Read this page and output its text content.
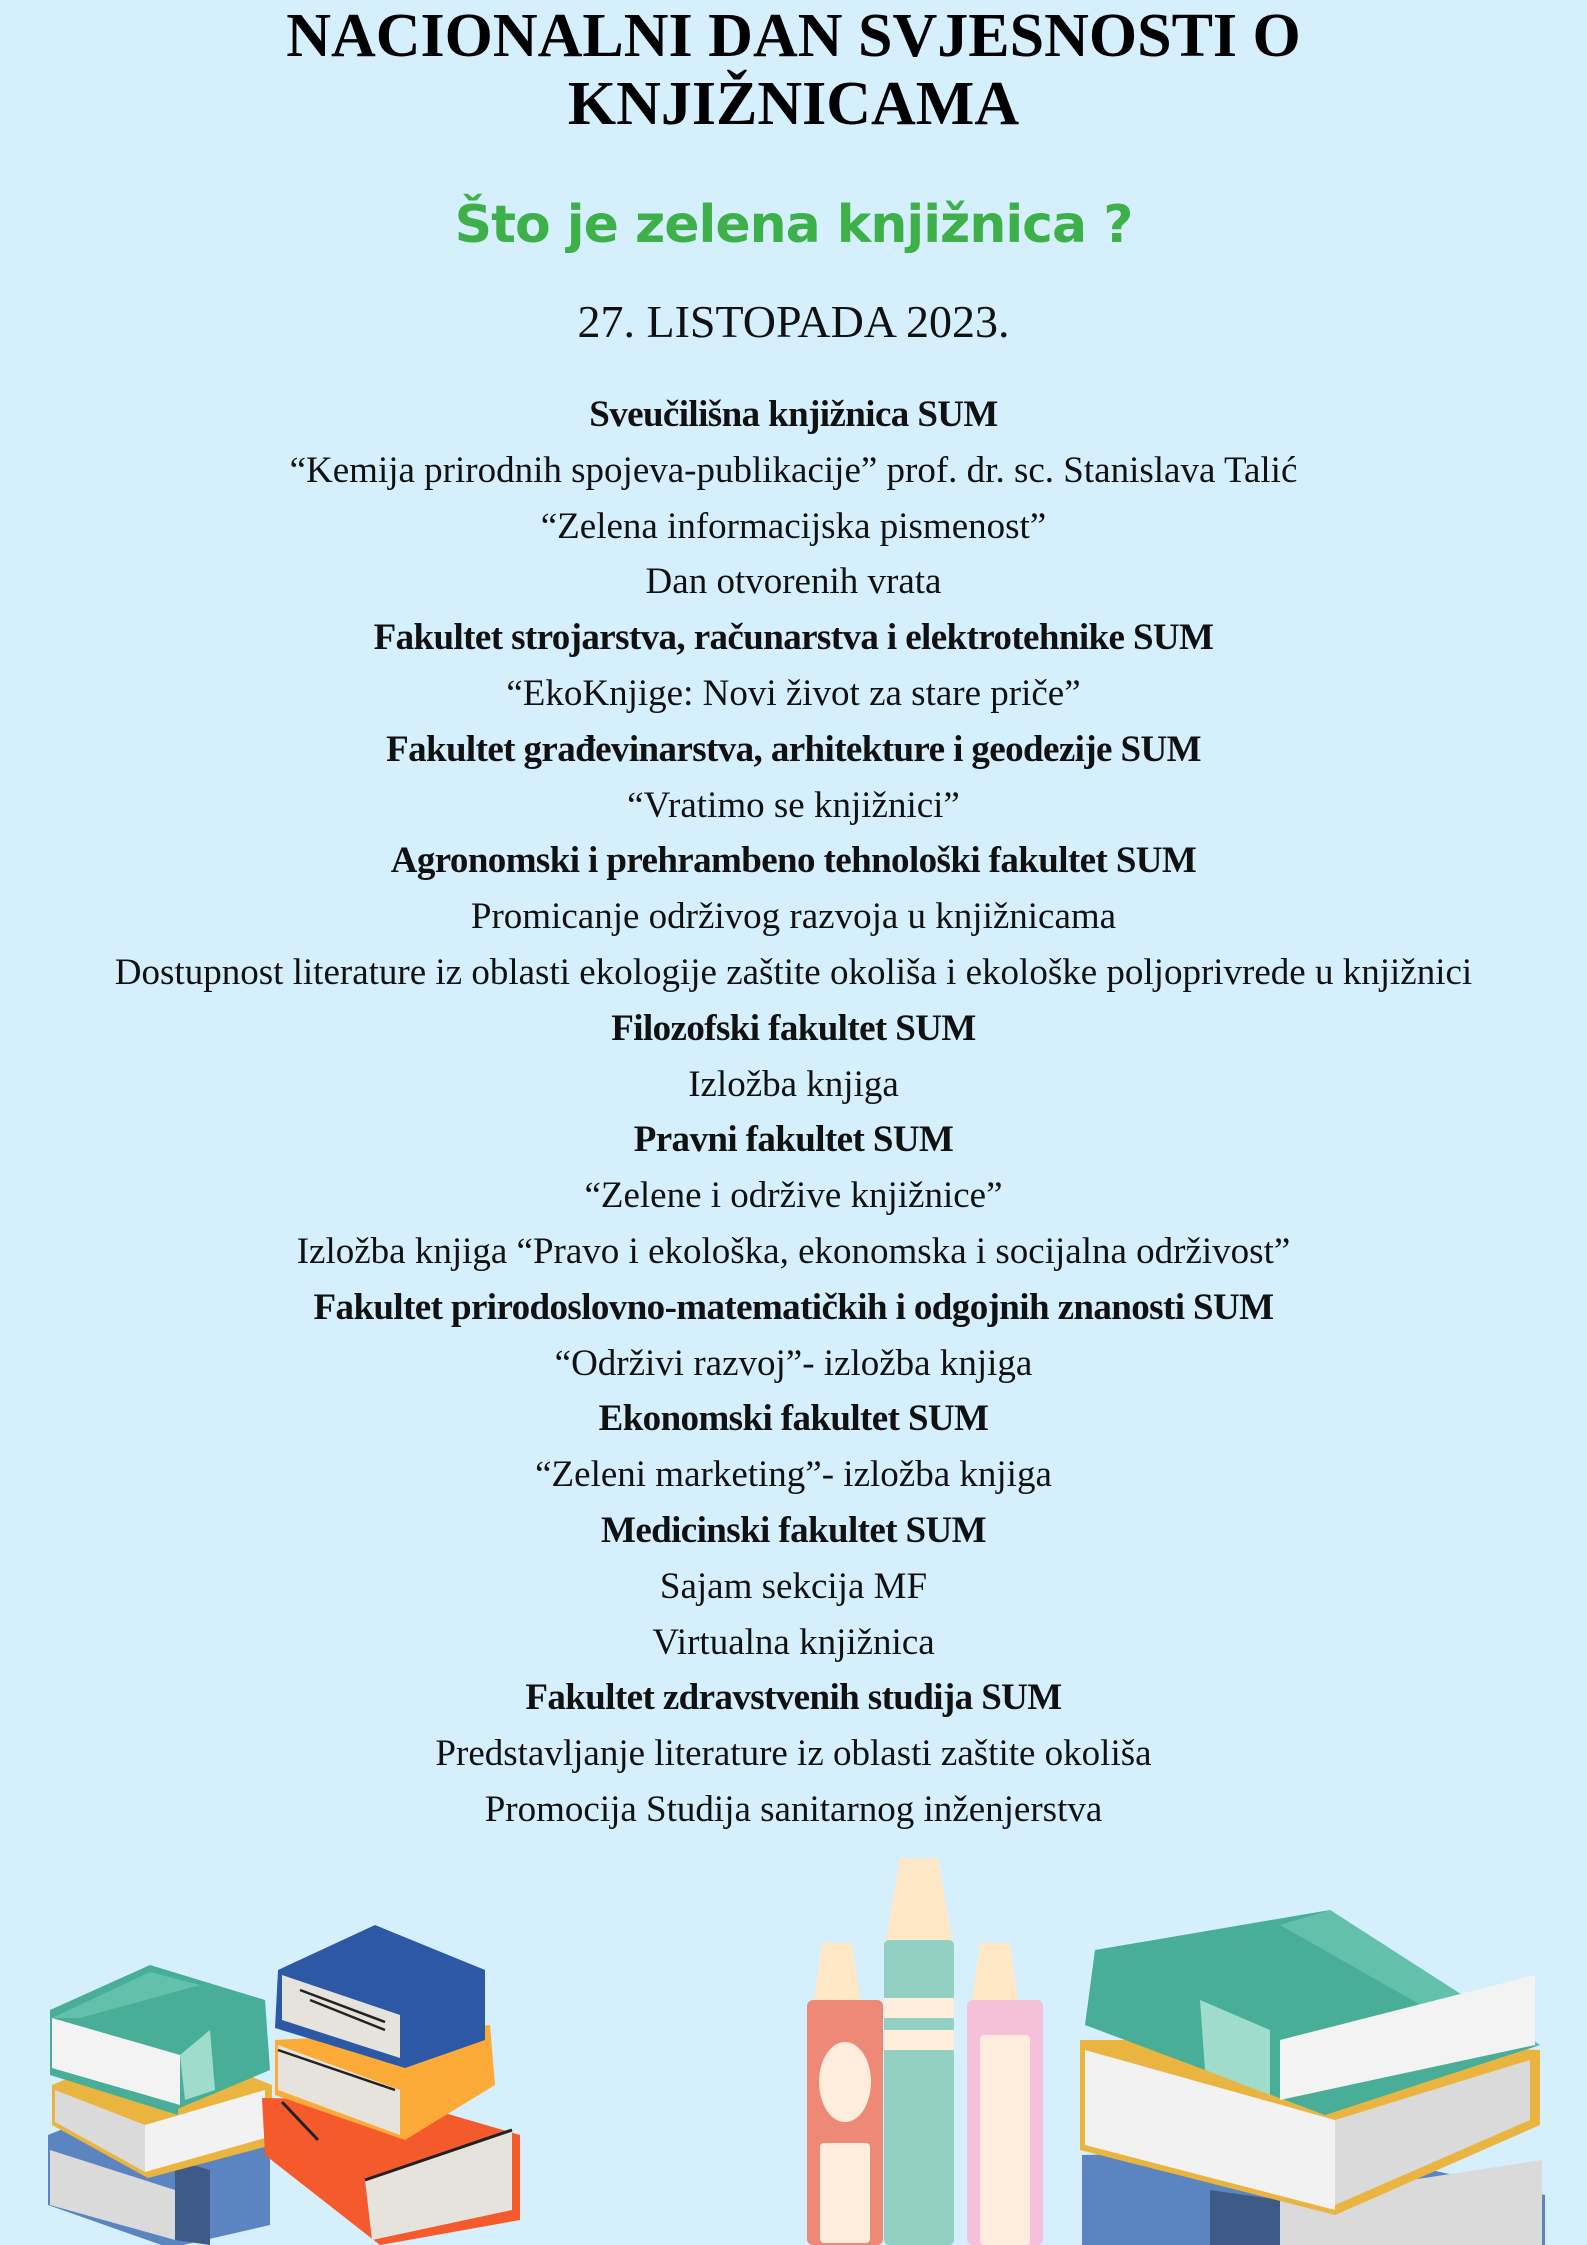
NACIONALNI DAN SVJESNOSTI O
KNJIŽNICAMA
Što je zelena knjižnica ?
27. LISTOPADA 2023.
Sveučilišna knjižnica SUM
“Kemija prirodnih spojeva-publikacije” prof. dr. sc. Stanislava Talić
“Zelena informacijska pismenost”
Dan otvorenih vrata
Fakultet strojarstva, računarstva i elektrotehnike SUM
“EkoKnjige: Novi život za stare priče”
Fakultet građevinarstva, arhitekture i geodezije SUM
“Vratimo se knjižnici”
Agronomski i prehrambeno tehnološki fakultet SUM
Promicanje održivog razvoja u knjižnicama
Dostupnost literature iz oblasti ekologije zaštite okoliša i ekološke poljoprivrede u knjižnici
Filozofski fakultet SUM
Izložba knjiga
Pravni fakultet SUM
“Zelene i održive knjižnice”
Izložba knjiga “Pravo i ekološka, ekonomska i socijalna održivost”
Fakultet prirodoslovno-matematičkih i odgojnih znanosti SUM
“Održivi razvoj”- izložba knjiga
Ekonomski fakultet SUM
“Zeleni marketing”- izložba knjiga
Medicinski fakultet SUM
Sajam sekcija MF
Virtualna knjižnica
Fakultet zdravstvenih studija SUM
Predstavljanje literature iz oblasti zaštite okoliša
Promocija Studija sanitarnog inženjerstva
